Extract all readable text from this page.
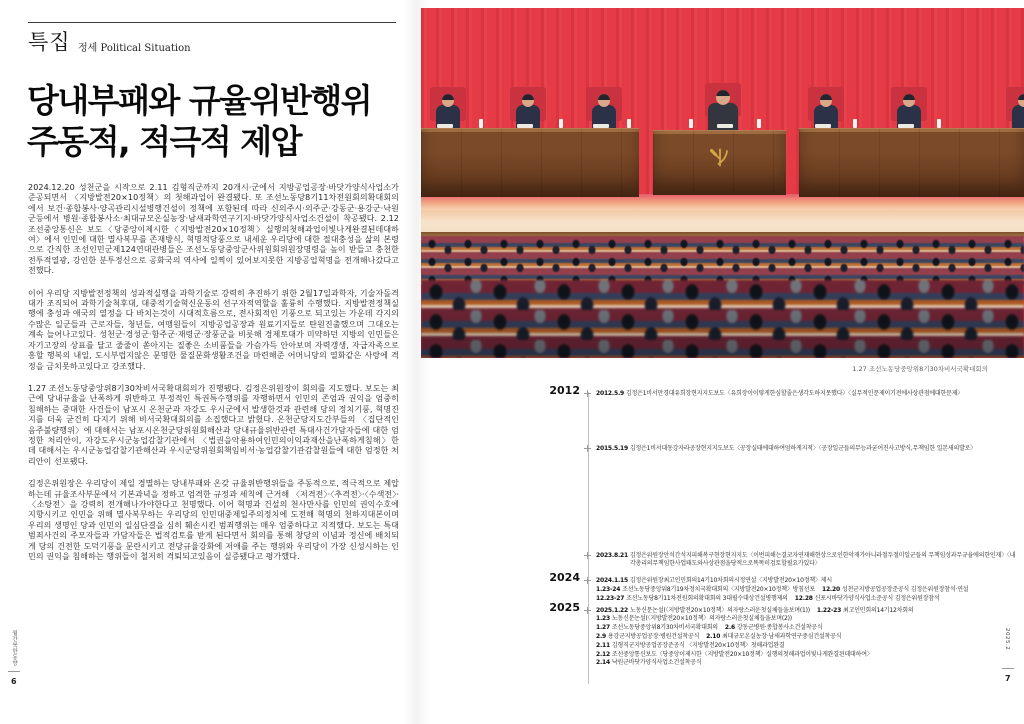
특집 정세 Political Situation
당내부패와 규율위반행위
주동적, 적극적 제압

2024.12.20 성천군을 시작으로 2.11 김형직군까지 20개시·군에서 지방공업공장·바닷가양식사업소가 준공되면서 〈지방발전20×10정책〉의 첫해과업이 완결됐다. 또 조선노동당8기11차전원회의확대회의에서 보건·종합봉사·양곡관리시설병행건설이 정책에 포함된데 따라 신의주시·의주군·강동군·용강군·낙원군등에서 병원·종합봉사소·최대규모온실농장·남새과학연구기지·바닷가양식사업소건설이 착공됐다. 2.12 조선중앙통신은 보도〈당중앙이제시한〈지방발전20×10정책〉실행의첫해과업이빛나게완결된데대하여〉에서 인민에 대한 멸사복무를 존재방식, 혁명적당풍으로 내세운 우리당에 대한 절대충성을 삶의 본령으로 간직한 조선인민군제124연대관병들은 조선노동당중앙군사위원회위원장명령을 높이 받들고 충천한 전투적열광, 강인한 분투정신으로 공화국의 역사에 일찍이 있어보지못한 지방공업혁명을 전개해나갔다고 전했다.

이어 우리당 지방발전정책의 성과적실행을 과학기술로 강력히 추진하기 위한 2월17일과학자, 기술자돌격대가 조직되어 과학기술척후대, 대중적기술혁신운동의 선구자적역할을 훌륭히 수행했다. 지방발전정책실행에 충성과 애국의 열정을 다 바치는것이 시대적흐름으로, 전사회적인 기풍으로 되고있는 가운데 각지의 수많은 일군들과 근로자들, 청년들, 여맹원들이 지방공업공장과 원료기지들로 탄원진출했으며 그대오는 계속 늘어나고있다. 성천군·경성군·함주군·재령군·장풍군을 비롯해 경제토대가 미약하던 지방의 인민들은 자기고장의 상표를 달고 줄줄이 쏟아지는 질좋은 소비품들을 가슴가득 안아보며 자력갱생, 자급자족으로 흥할 행복의 내일, 도시부럽지않은 문명한 물질문화생활조건을 마련해준 어머니당의 열화같은 사랑에 격정을 금치못하고있다고 강조했다.

1.27 조선노동당중앙위8기30차비서국확대회의가 진행됐다. 김정은위원장이 회의를 지도했다. 보도는 최근에 당내규율을 난폭하게 위반하고 부정적인 특권특수행위를 자행하면서 인민의 존엄과 권익을 엄중히 침해하는 중대한 사건들이 남포시 온천군과 자강도 우시군에서 발생한것과 관련해 당의 정치기풍, 혁명진지를 더욱 굳건히 다지기 위해 비서국확대회의를 소집했다고 밝혔다. 온천군당지도간부들의 〈집단적인음주불량행위〉에 대해서는 남포시온천군당위원회해산과 당내규율위반관련 특대사건가담자들에 대한 엄정한 처리안이, 자강도우시군농업감찰기관에서 〈법권을악용하여인민의이익과재산을난폭하게침해〉한데 대해서는 우시군농업감찰기관해산과 우시군당위원회책임비서·농업감찰기관감찰원들에 대한 엄정한 처리안이 선포됐다.

김정은위원장은 우리당이 제일 경멸하는 당내부패와 온갖 규율위반행위들을 주동적으로, 적극적으로 제압하는데 규율조사부문에서 기본과녁을 정하고 엄격한 규정과 세칙에 근거해 〈저격전〉·〈추격전〉·〈수색전〉·〈소탕전〉을 강력히 전개해나가야한다고 천명했다. 이어 혁명과 건설의 천사만사를 인민의 권익수호에 지향시키고 인민을 위해 멸사복무하는 우리당의 인민대중제일주의정치에 도전해 혁명의 천하지대본이며 우리의 생명인 당과 인민의 일심단결을 심히 훼손시킨 범죄행위는 매우 엄중하다고 지적했다. 보도는 특대범죄사건의 주모자들과 가담자들은 법적검토를 받게 된다면서 회의를 통해 창당의 이념과 정신에 배치되게 당의 건전한 도덕기풍을 문란시키고 전당규율강화에 저애를 주는 행위와 우리당이 가장 신성시하는 인민의 권익을 침해하는 행위들이 철저히 격퇴되고있음이 실증됐다고 평가했다.

1.27 조선노동당중앙위8기30차비서국확대회의
2012	2012.5.9 김정은1비서만경대유희장현지지도보도〈유희장이이렇게한심할줄은생각도하지못했다〉〈실무적인문제이기전에사상관점에대한문제〉
2015.5.19 김정은1비서대동강자라공장현지지도보도〈공장실태에대하여엄하게지적〉〈공장일군들의무능과굳어진사고방식,무책임한 일본새의발로〉
2023.8.21 김정은위원장안석간석지피해복구현장현지지도〈이번피해는결코자연재해현상으로인한악재가아니라철두철미일군들의 무책임성과무규율에의한인재〉〈내각총리의무책임한사업태도와사상관점을당적으로똑똑히검토할필요가있다〉
2024	2024.1.15 김정은위원장최고인민회의14기10차회의시정연설〈지방발전20×10정책〉제시
1.23-24 조선노동당중앙위8기19차정치국확대회의〈지방발전20×10정책〉방침선포 12.20 성천군지방공업공장준공식 김정은위원장참석·연설
12.23-27 조선노동당8기11차전원회의확대회의 3대필수대상건설병행제의 12.28 신포시바닷가양식사업소준공식 김정은위원장참석
2025	2025.1.22 노동신문논설(〈지방발전20×10정책〉의자랑스러운첫실체들을보며(1)) 1.22-23 최고인민회의14기12차회의
1.23 노동신문논설(〈지방발전20×10정책〉의자랑스러운첫실체들을보며(2))
1.27 조선노동당중앙위8기30차비서국확대회의 2.6 강동군병원·종합봉사소건설착공식
2.9 용강군지방공업공장·병원건설착공식 2.10 최대규모온실농장·남새과학연구중심건설착공식
2.11 김형직군지방공업공장준공식 〈지방발전20×10정책〉첫해과업완결
2.12 조선중앙통신보도〈당중앙이제시한〈지방발전20×10정책〉실행의첫해과업이빛나게완결된데대하여〉
2.14 낙원군바닷가양식사업소건설착공식
월간북한동향
6
2025.2
7
